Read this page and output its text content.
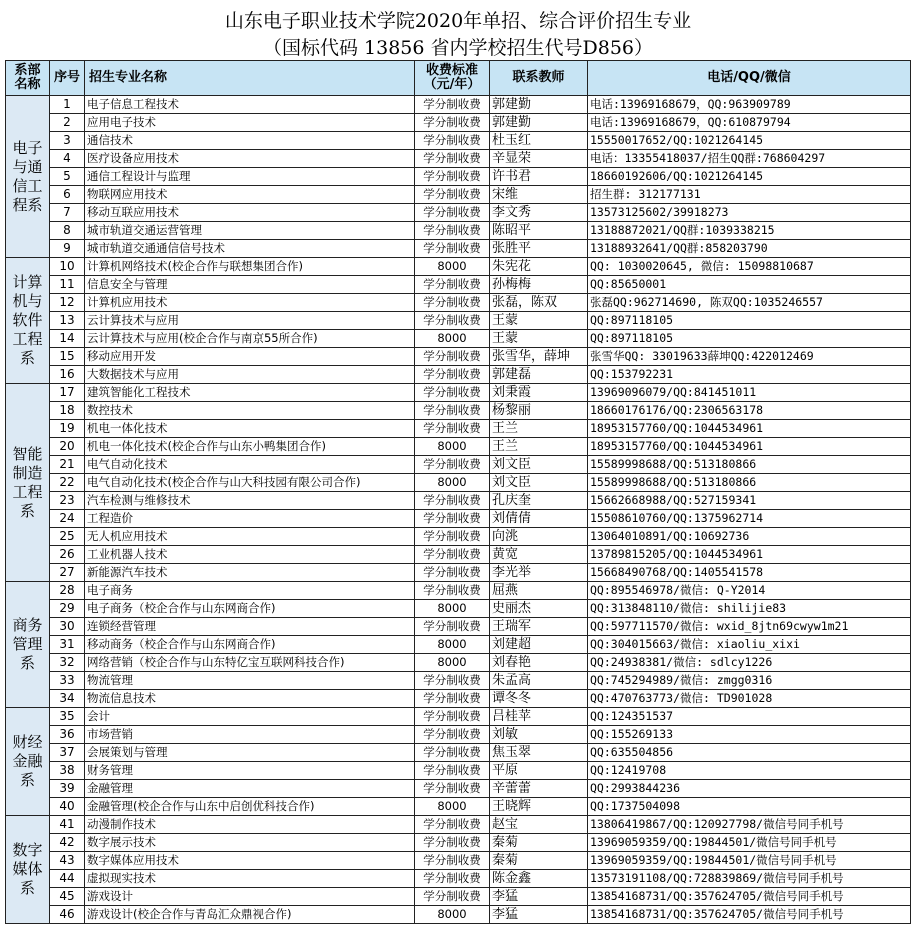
山东电子职业技术学院2020年单招、综合评价招生专业
（国标代码 13856 省内学校招生代号D856）
系部名称	序号	招生专业名称	收费标准（元/年）	联系教师	电话/QQ/微信
电子与通信工程系	1	电子信息工程技术	学分制收费	郭建勤	电话:13969168679，QQ:963909789
	2	应用电子技术	学分制收费	郭建勤	电话:13969168679，QQ:610879794
	3	通信技术	学分制收费	杜玉红	15550017652/QQ:1021264145
	4	医疗设备应用技术	学分制收费	辛显荣	电话：13355418037/招生QQ群:768604297
	5	通信工程设计与监理	学分制收费	许书君	18660192606/QQ:1021264145
	6	物联网应用技术	学分制收费	宋维	招生群: 312177131
	7	移动互联应用技术	学分制收费	李文秀	13573125602/39918273
	8	城市轨道交通运营管理	学分制收费	陈昭平	13188872021/QQ群:1039338215
	9	城市轨道交通通信信号技术	学分制收费	张胜平	13188932641/QQ群:858203790
计算机与软件工程系	10	计算机网络技术(校企合作与联想集团合作)	8000	朱宪花	QQ: 1030020645, 微信: 15098810687
	11	信息安全与管理	学分制收费	孙梅梅	QQ:85650001
	12	计算机应用技术	学分制收费	张磊，陈双	张磊QQ:962714690, 陈双QQ:1035246557
	13	云计算技术与应用	学分制收费	王蒙	QQ:897118105
	14	云计算技术与应用(校企合作与南京55所合作)	8000	王蒙	QQ:897118105
	15	移动应用开发	学分制收费	张雪华，薛坤	张雪华QQ: 33019633薛坤QQ:422012469
	16	大数据技术与应用	学分制收费	郭建磊	QQ:153792231
智能制造工程系	17	建筑智能化工程技术	学分制收费	刘秉霞	13969096079/QQ:841451011
	18	数控技术	学分制收费	杨黎丽	18660176176/QQ:2306563178
	19	机电一体化技术	学分制收费	王兰	18953157760/QQ:1044534961
	20	机电一体化技术(校企合作与山东小鸭集团合作)	8000	王兰	18953157760/QQ:1044534961
	21	电气自动化技术	学分制收费	刘文臣	15589998688/QQ:513180866
	22	电气自动化技术(校企合作与山大科技园有限公司合作)	8000	刘文臣	15589998688/QQ:513180866
	23	汽车检测与维修技术	学分制收费	孔庆奎	15662668988/QQ:527159341
	24	工程造价	学分制收费	刘倩倩	15508610760/QQ:1375962714
	25	无人机应用技术	学分制收费	向洮	13064010891/QQ:10692736
	26	工业机器人技术	学分制收费	黄宽	13789815205/QQ:1044534961
	27	新能源汽车技术	学分制收费	李光举	15668490768/QQ:1405541578
商务管理系	28	电子商务	学分制收费	屈燕	QQ:895546978/微信: Q-Y2014
	29	电子商务（校企合作与山东网商合作)	8000	史丽杰	QQ:313848110/微信: shilijie83
	30	连锁经营管理	学分制收费	王瑞军	QQ:597711570/微信: wxid_8jtn69cwyw1m21
	31	移动商务（校企合作与山东网商合作)	8000	刘建超	QQ:304015663/微信: xiaoliu_xixi
	32	网络营销（校企合作与山东特亿宝互联网科技合作)	8000	刘春艳	QQ:24938381/微信: sdlcy1226
	33	物流管理	学分制收费	朱孟高	QQ:745294989/微信: zmgg0316
	34	物流信息技术	学分制收费	谭冬冬	QQ:470763773/微信: TD901028
财经金融系	35	会计	学分制收费	吕桂苹	QQ:124351537
	36	市场营销	学分制收费	刘敏	QQ:155269133
	37	会展策划与管理	学分制收费	焦玉翠	QQ:635504856
	38	财务管理	学分制收费	平原	QQ:12419708
	39	金融管理	学分制收费	辛蕾蕾	QQ:2993844236
	40	金融管理(校企合作与山东中启创优科技合作)	8000	王晓辉	QQ:1737504098
数字媒体系	41	动漫制作技术	学分制收费	赵宝	13806419867/QQ:120927798/微信号同手机号
	42	数字展示技术	学分制收费	秦菊	13969059359/QQ:19844501/微信号同手机号
	43	数字媒体应用技术	学分制收费	秦菊	13969059359/QQ:19844501/微信号同手机号
	44	虚拟现实技术	学分制收费	陈金鑫	13573191108/QQ:728839869/微信号同手机号
	45	游戏设计	学分制收费	李猛	13854168731/QQ:357624705/微信号同手机号
	46	游戏设计(校企合作与青岛汇众鼎视合作)	8000	李猛	13854168731/QQ:357624705/微信号同手机号
